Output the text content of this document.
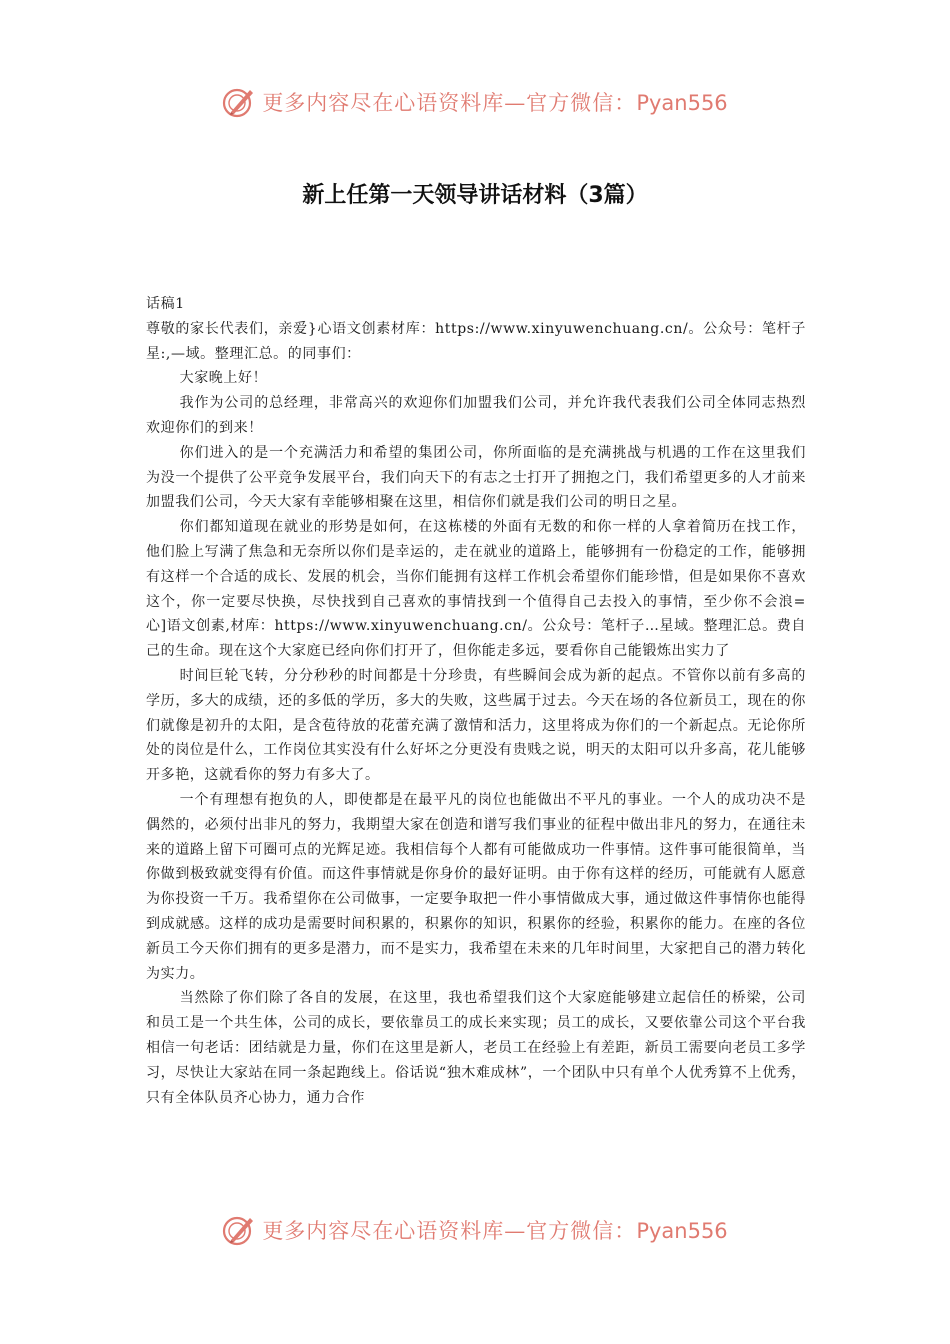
更多内容尽在心语资料库—官方微信：Pyan556
新上任第一天领导讲话材料（3篇）

话稿1

尊敬的家长代表们，亲爱}心语文创素材库：https://www.xinyuwenchuang.cn/。公众号：笔杆子星:,—域。整理汇总。的同事们：

大家晚上好！

我作为公司的总经理，非常高兴的欢迎你们加盟我们公司，并允许我代表我们公司全体同志热烈欢迎你们的到来！

你们进入的是一个充满活力和希望的集团公司，你所面临的是充满挑战与机遇的工作在这里我们为没一个提供了公平竞争发展平台，我们向天下的有志之士打开了拥抱之门，我们希望更多的人才前来加盟我们公司，今天大家有幸能够相聚在这里，相信你们就是我们公司的明日之星。

你们都知道现在就业的形势是如何，在这栋楼的外面有无数的和你一样的人拿着简历在找工作，他们脸上写满了焦急和无奈所以你们是幸运的，走在就业的道路上，能够拥有一份稳定的工作，能够拥有这样一个合适的成长、发展的机会，当你们能拥有这样工作机会希望你们能珍惜，但是如果你不喜欢这个，你一定要尽快换，尽快找到自己喜欢的事情找到一个值得自己去投入的事情，至少你不会浪=心]语文创素,材库：https://www.xinyuwenchuang.cn/。公众号：笔杆子…星域。整理汇总。费自己的生命。现在这个大家庭已经向你们打开了，但你能走多远，要看你自己能锻炼出实力了

时间巨轮飞转，分分秒秒的时间都是十分珍贵，有些瞬间会成为新的起点。不管你以前有多高的学历，多大的成绩，还的多低的学历，多大的失败，这些属于过去。今天在场的各位新员工，现在的你们就像是初升的太阳，是含苞待放的花蕾充满了激情和活力，这里将成为你们的一个新起点。无论你所处的岗位是什么，工作岗位其实没有什么好坏之分更没有贵贱之说，明天的太阳可以升多高，花儿能够开多艳，这就看你的努力有多大了。

一个有理想有抱负的人，即使都是在最平凡的岗位也能做出不平凡的事业。一个人的成功决不是偶然的，必须付出非凡的努力，我期望大家在创造和谱写我们事业的征程中做出非凡的努力，在通往未来的道路上留下可圈可点的光辉足迹。我相信每个人都有可能做成功一件事情。这件事可能很简单，当你做到极致就变得有价值。而这件事情就是你身价的最好证明。由于你有这样的经历，可能就有人愿意为你投资一千万。我希望你在公司做事，一定要争取把一件小事情做成大事，通过做这件事情你也能得到成就感。这样的成功是需要时间积累的，积累你的知识，积累你的经验，积累你的能力。在座的各位新员工今天你们拥有的更多是潜力，而不是实力，我希望在未来的几年时间里，大家把自己的潜力转化为实力。

当然除了你们除了各自的发展，在这里，我也希望我们这个大家庭能够建立起信任的桥梁，公司和员工是一个共生体，公司的成长，要依靠员工的成长来实现；员工的成长，又要依靠公司这个平台我相信一句老话：团结就是力量，你们在这里是新人，老员工在经验上有差距，新员工需要向老员工多学习，尽快让大家站在同一条起跑线上。俗话说“独木难成林”，一个团队中只有单个人优秀算不上优秀，只有全体队员齐心协力，通力合作

更多内容尽在心语资料库—官方微信：Pyan556
